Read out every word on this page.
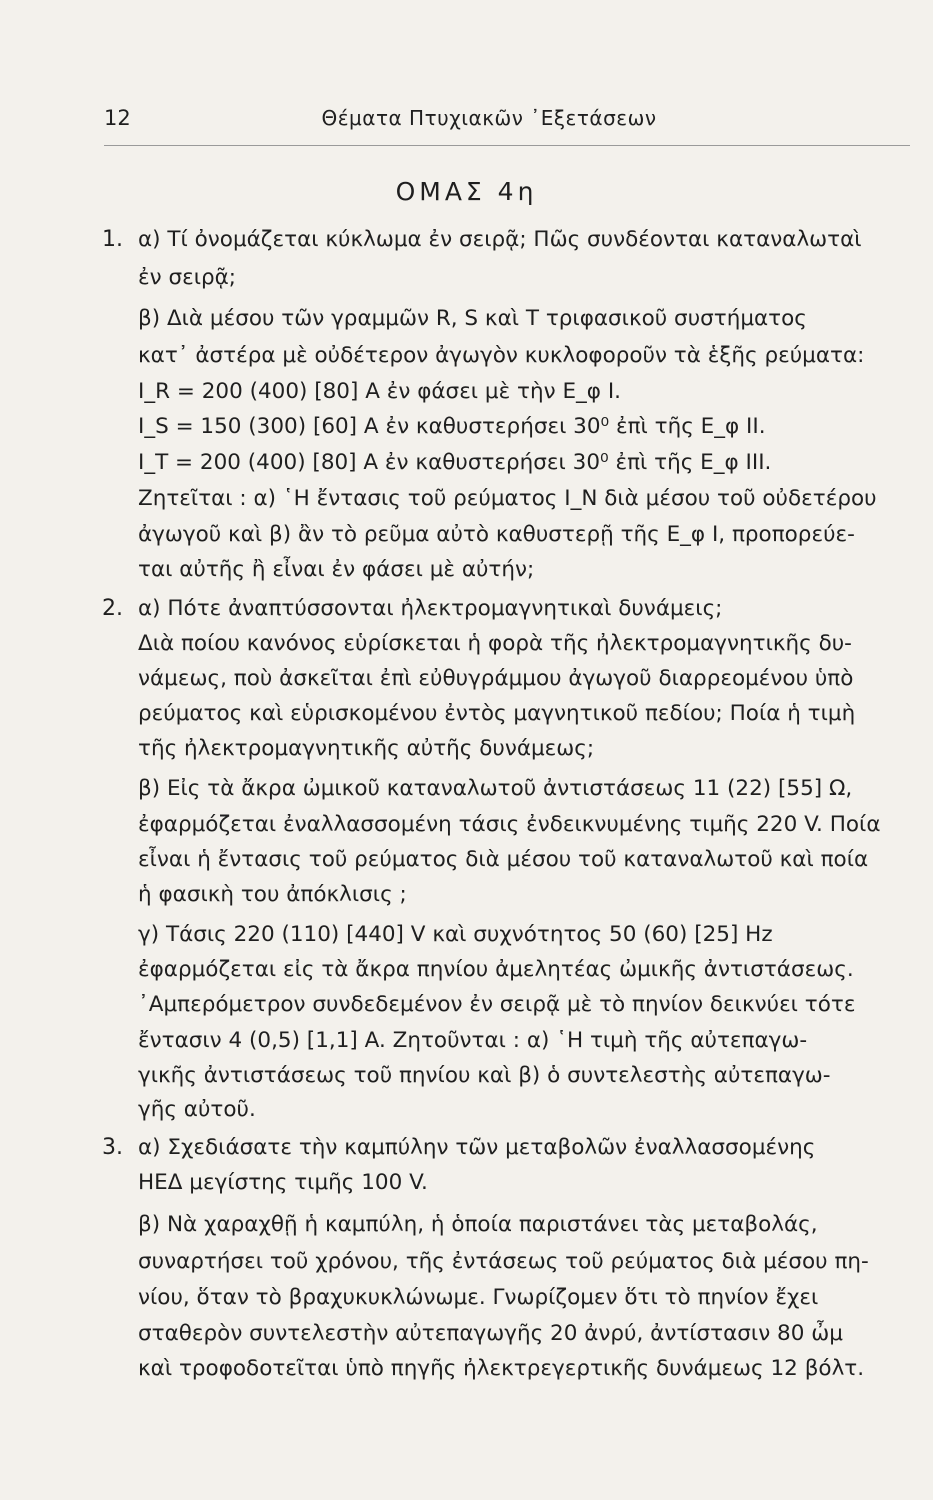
12	Θέματα Πτυχιακῶν ᾿Εξετάσεων
ΟΜΑΣ 4η
1. α) Τί ὀνομάζεται κύκλωμα ἐν σειρᾷ; Πῶς συνδέονται καταναλωταὶ
ἐν σειρᾷ;
β) Διὰ μέσου τῶν γραμμῶν R, S καὶ T τριφασικοῦ συστήματος
κατ᾿ ἀστέρα μὲ οὐδέτερον ἀγωγὸν κυκλοφοροῦν τὰ ἑξῆς ρεύματα:
I_R = 200 (400) [80] A ἐν φάσει μὲ τὴν E_φ I.
I_S = 150 (300) [60] A ἐν καθυστερήσει 30⁰ ἐπὶ τῆς E_φ II.
I_T = 200 (400) [80] A ἐν καθυστερήσει 30⁰ ἐπὶ τῆς E_φ III.
Ζητεῖται : α) ῾Η ἔντασις τοῦ ρεύματος I_N διὰ μέσου τοῦ οὐδετέρου
ἀγωγοῦ καὶ β) ἂν τὸ ρεῦμα αὐτὸ καθυστερῇ τῆς E_φ I, προπορεύε-
ται αὐτῆς ἢ εἶναι ἐν φάσει μὲ αὐτήν;
2. α) Πότε ἀναπτύσσονται ἠλεκτρομαγνητικαὶ δυνάμεις;
Διὰ ποίου κανόνος εὑρίσκεται ἡ φορὰ τῆς ἠλεκτρομαγνητικῆς δυ-
νάμεως, ποὺ ἀσκεῖται ἐπὶ εὐθυγράμμου ἀγωγοῦ διαρρεομένου ὑπὸ
ρεύματος καὶ εὑρισκομένου ἐντὸς μαγνητικοῦ πεδίου; Ποία ἡ τιμὴ
τῆς ἠλεκτρομαγνητικῆς αὐτῆς δυνάμεως;
β) Εἰς τὰ ἄκρα ὠμικοῦ καταναλωτοῦ ἀντιστάσεως 11 (22) [55] Ω,
ἐφαρμόζεται ἐναλλασσομένη τάσις ἐνδεικνυμένης τιμῆς 220 V. Ποία
εἶναι ἡ ἔντασις τοῦ ρεύματος διὰ μέσου τοῦ καταναλωτοῦ καὶ ποία
ἡ φασικὴ του ἀπόκλισις ;
γ) Τάσις 220 (110) [440] V καὶ συχνότητος 50 (60) [25] Hz
ἐφαρμόζεται εἰς τὰ ἄκρα πηνίου ἀμελητέας ὠμικῆς ἀντιστάσεως.
᾿Αμπερόμετρον συνδεδεμένον ἐν σειρᾷ μὲ τὸ πηνίον δεικνύει τότε
ἔντασιν 4 (0,5) [1,1] A. Ζητοῦνται : α) ῾Η τιμὴ τῆς αὐτεπαγω-
γικῆς ἀντιστάσεως τοῦ πηνίου καὶ β) ὁ συντελεστὴς αὐτεπαγω-
γῆς αὐτοῦ.
3. α) Σχεδιάσατε τὴν καμπύλην τῶν μεταβολῶν ἐναλλασσομένης
ΗΕΔ μεγίστης τιμῆς 100 V.
β) Νὰ χαραχθῇ ἡ καμπύλη, ἡ ὁποία παριστάνει τὰς μεταβολάς,
συναρτήσει τοῦ χρόνου, τῆς ἐντάσεως τοῦ ρεύματος διὰ μέσου πη-
νίου, ὅταν τὸ βραχυκυκλώνωμε. Γνωρίζομεν ὅτι τὸ πηνίον ἔχει
σταθερὸν συντελεστὴν αὐτεπαγωγῆς 20 ἀνρύ, ἀντίστασιν 80 ὦμ
καὶ τροφοδοτεῖται ὑπὸ πηγῆς ἠλεκτρεγερτικῆς δυνάμεως 12 βόλτ.
